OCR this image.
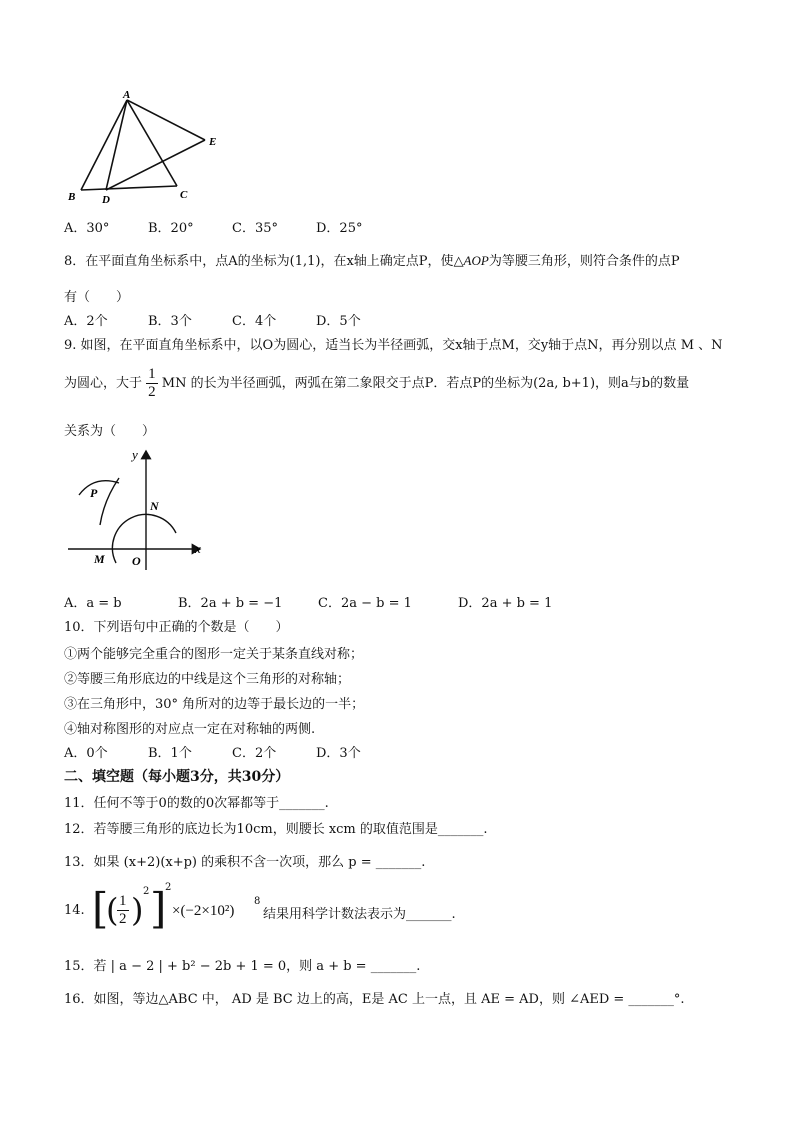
A
B D	C
E
A．30°	B．20°	C．35°	D．25°
8．在平面直角坐标系中，点A的坐标为(1,1)，在x轴上确定点P，使△AOP为等腰三角形，则符合条件的点P
有（　　）
A．2个	B．3个	C．4个	D．5个
9. 如图，在平面直角坐标系中，以O为圆心，适当长为半径画弧，交x轴于点M，交y轴于点N，再分别以点 M 、N
为圆心，大于 $\frac{1}{2}$ MN 的长为半径画弧，两弧在第二象限交于点P．若点P的坐标为(2a, b+1)，则a与b的数量
关系为（　　）
y
x
P
N
M O
A．a = b	B．2a + b = −1	C．2a − b = 1	D．2a + b = 1
10．下列语句中正确的个数是（　　）
①两个能够完全重合的图形一定关于某条直线对称；
②等腰三角形底边的中线是这个三角形的对称轴；
③在三角形中，30° 角所对的边等于最长边的一半；
④轴对称图形的对应点一定在对称轴的两侧.
A．0个	B．1个	C．2个	D．3个
二、填空题（每小题3分，共30分）
11．任何不等于0的数的0次幂都等于_______.
12．若等腰三角形的底边长为10cm，则腰长 xcm 的取值范围是_______.
13．如果 (x+2)(x+p) 的乘积不含一次项，那么 p = _______.
14. [
(
$\frac{1}{2}$ ) 2 ]
2
×(−2×10²)
8
结果用科学计数法表示为_______.
15．若 | a − 2 | + b² − 2b + 1 = 0，则 a + b = _______.
16．如图，等边△ABC 中， AD 是 BC 边上的高，E是 AC 上一点，且 AE = AD，则 ∠AED = _______°.
